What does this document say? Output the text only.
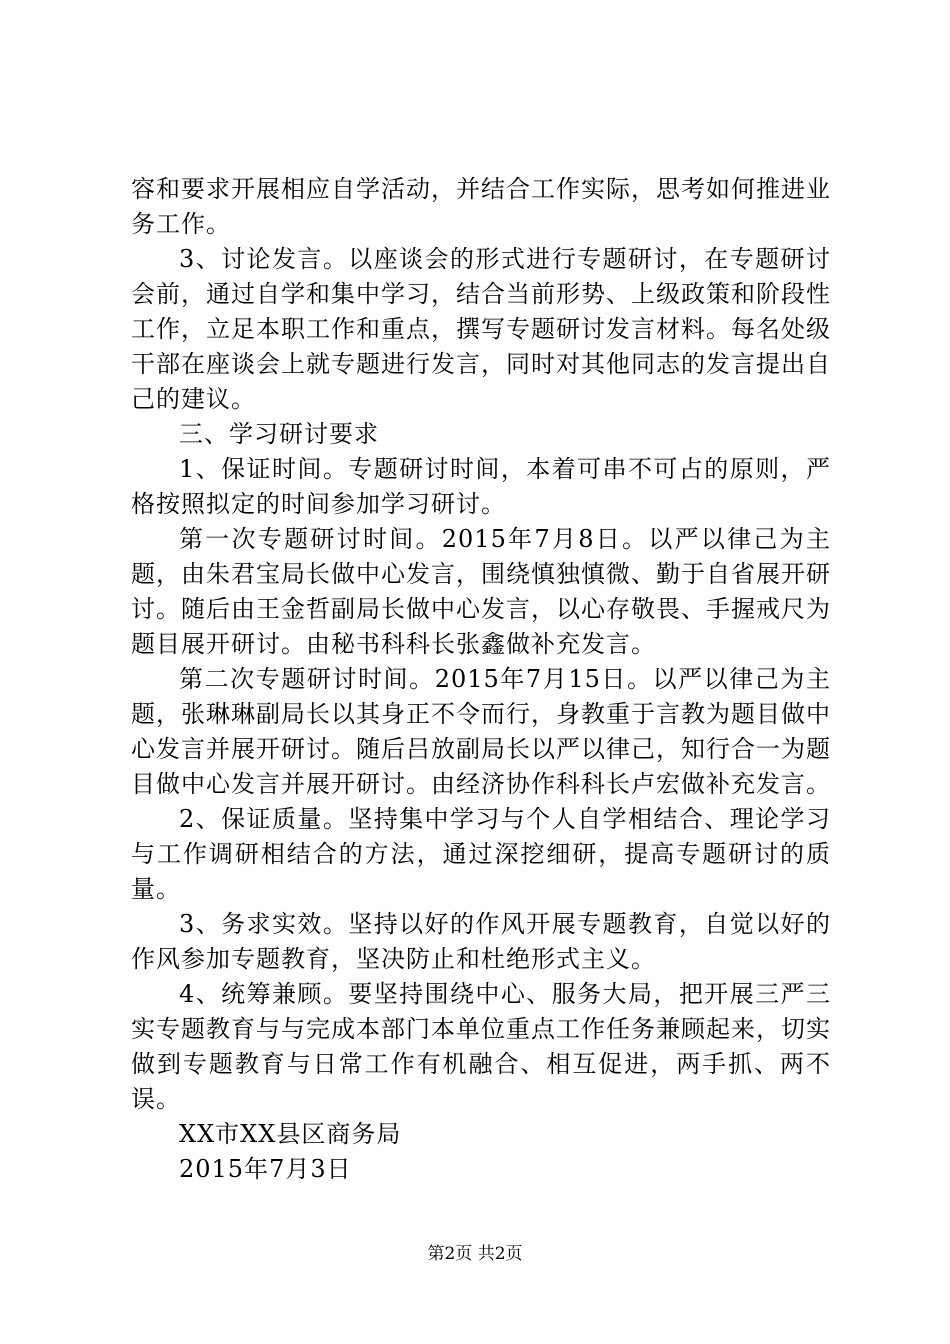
容和要求开展相应自学活动，并结合工作实际，思考如何推进业务工作。

3、讨论发言。以座谈会的形式进行专题研讨，在专题研讨会前，通过自学和集中学习，结合当前形势、上级政策和阶段性工作，立足本职工作和重点，撰写专题研讨发言材料。每名处级干部在座谈会上就专题进行发言，同时对其他同志的发言提出自己的建议。

三、学习研讨要求

1、保证时间。专题研讨时间，本着可串不可占的原则，严格按照拟定的时间参加学习研讨。

第一次专题研讨时间。2015年7月8日。以严以律己为主题，由朱君宝局长做中心发言，围绕慎独慎微、勤于自省展开研讨。随后由王金哲副局长做中心发言，以心存敬畏、手握戒尺为题目展开研讨。由秘书科科长张鑫做补充发言。

第二次专题研讨时间。2015年7月15日。以严以律己为主题，张琳琳副局长以其身正不令而行，身教重于言教为题目做中心发言并展开研讨。随后吕放副局长以严以律己，知行合一为题目做中心发言并展开研讨。由经济协作科科长卢宏做补充发言。

2、保证质量。坚持集中学习与个人自学相结合、理论学习与工作调研相结合的方法，通过深挖细研，提高专题研讨的质量。

3、务求实效。坚持以好的作风开展专题教育，自觉以好的作风参加专题教育，坚决防止和杜绝形式主义。

4、统筹兼顾。要坚持围绕中心、服务大局，把开展三严三实专题教育与与完成本部门本单位重点工作任务兼顾起来，切实做到专题教育与日常工作有机融合、相互促进，两手抓、两不误。

XX市XX县区商务局

2015年7月3日

第2页 共2页
